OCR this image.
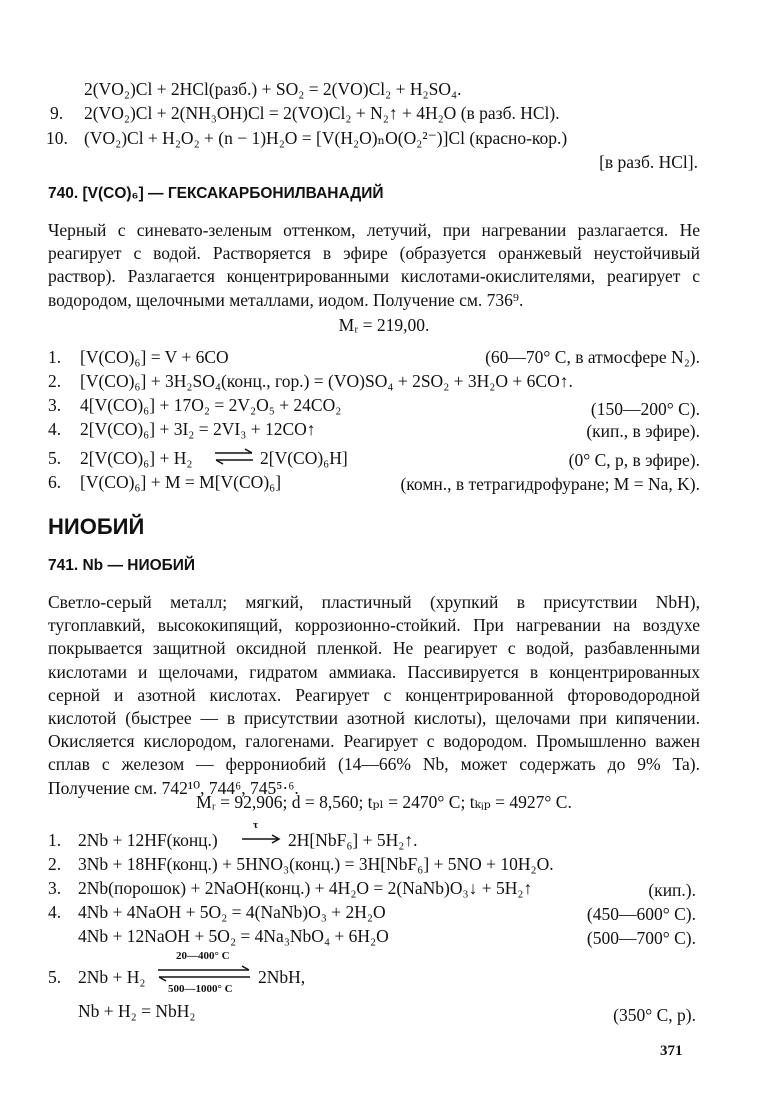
2(VO₂)Cl + 2HCl(разб.) + SO₂ = 2(VO)Cl₂ + H₂SO₄.
9. 2(VO₂)Cl + 2(NH₃OH)Cl = 2(VO)Cl₂ + N₂↑ + 4H₂O (в разб. HCl).
10. (VO₂)Cl + H₂O₂ + (n − 1)H₂O = [V(H₂O)ₙO(O₂²⁻)]Cl (красно-кор.)
[в разб. HCl].
740. [V(CO)₆] — ГЕКСАКАРБОНИЛВАНАДИЙ
Черный с синевато-зеленым оттенком, летучий, при нагревании разлагается. Не реагирует с водой. Растворяется в эфире (образуется оранжевый неустойчивый раствор). Разлагается концентрированными кислотами-окислителями, реагирует с водородом, щелочными металлами, иодом. Получение см. 736⁹.
Mᵣ = 219,00.
1. [V(CO)₆] = V + 6CO	(60—70° C, в атмосфере N₂).
2. [V(CO)₆] + 3H₂SO₄(конц., гор.) = (VO)SO₄ + 2SO₂ + 3H₂O + 6CO↑.
3. 4[V(CO)₆] + 17O₂ = 2V₂O₅ + 24CO₂	(150—200° C).
4. 2[V(CO)₆] + 3I₂ = 2VI₃ + 12CO↑	(кип., в эфире).
5. 2[V(CO)₆] + H₂ ⇌ 2[V(CO)₆H]	(0° C, p, в эфире).
6. [V(CO)₆] + M = M[V(CO)₆]	(комн., в тетрагидрофуране; M = Na, K).
НИОБИЙ
741. Nb — НИОБИЙ
Светло-серый металл; мягкий, пластичный (хрупкий в присутствии NbH), тугоплавкий, высококипящий, коррозионно-стойкий. При нагревании на воздухе покрывается защитной оксидной пленкой. Не реагирует с водой, разбавленными кислотами и щелочами, гидратом аммиака. Пассивируется в концентрированных серной и азотной кислотах. Реагирует с концентрированной фтороводородной кислотой (быстрее — в присутствии азотной кислоты), щелочами при кипячении. Окисляется кислородом, галогенами. Реагирует с водородом. Промышленно важен сплав с железом — феррониобий (14—66% Nb, может содержать до 9% Ta). Получение см. 742¹⁰, 744⁶, 745⁵·⁶.
Mᵣ = 92,906; d = 8,560; tₚₗ = 2470° C; tₖᵢₚ = 4927° C.
1. 2Nb + 12HF(конц.)
τ
→ 2H[NbF₆] + 5H₂↑.
2. 3Nb + 18HF(конц.) + 5HNO₃(конц.) = 3H[NbF₆] + 5NO + 10H₂O.
3. 2Nb(порошок) + 2NaOH(конц.) + 4H₂O = 2(NaNb)O₃↓ + 5H₂↑	(кип.).
4. 4Nb + 4NaOH + 5O₂ = 4(NaNb)O₃ + 2H₂O	(450—600° C).
4Nb + 12NaOH + 5O₂ = 4Na₃NbO₄ + 6H₂O	(500—700° C).
5. 2Nb + H₂
20—400° C
500—1000° C
2NbH,
Nb + H₂ = NbH₂	(350° C, p).
371
